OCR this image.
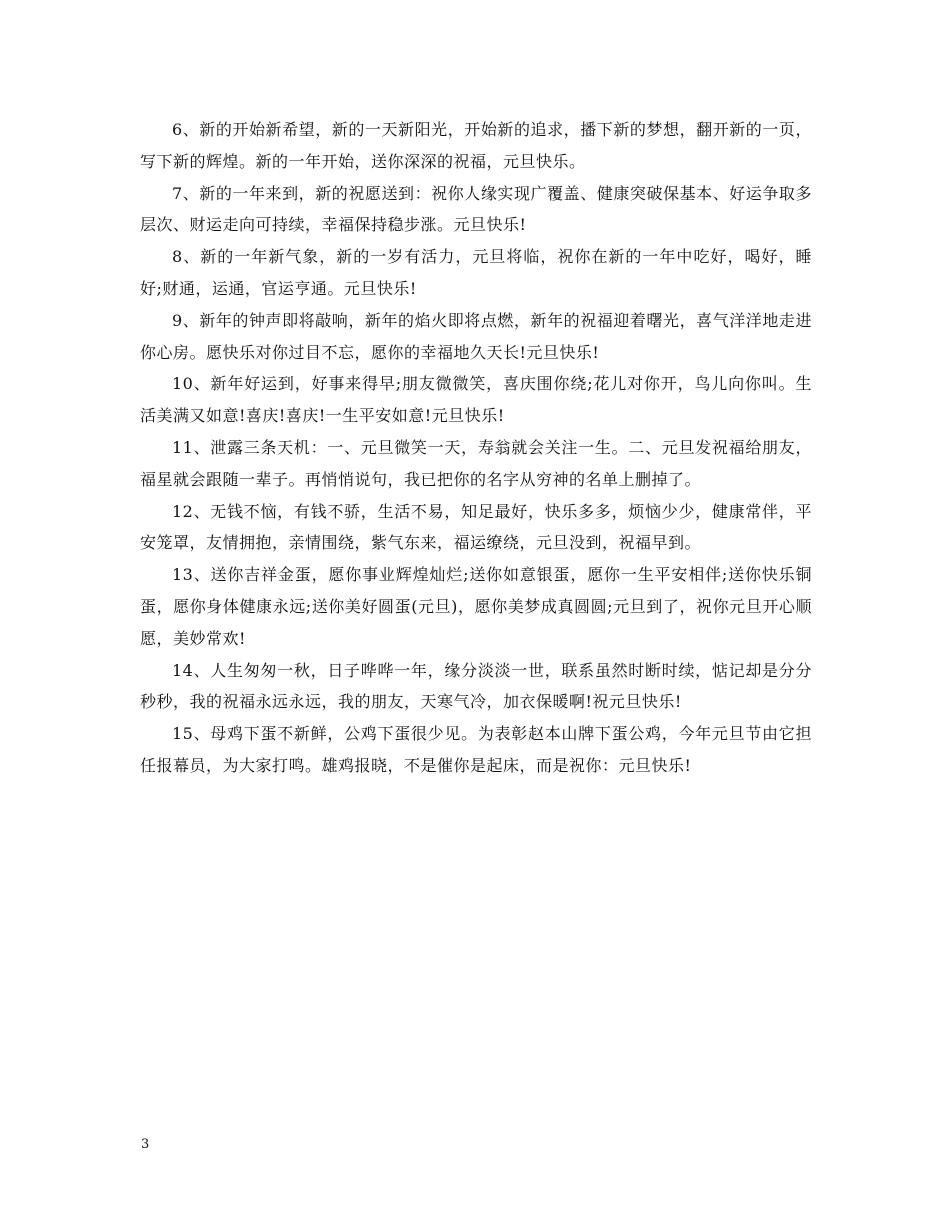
6、新的开始新希望，新的一天新阳光，开始新的追求，播下新的梦想，翻开新的一页，写下新的辉煌。新的一年开始，送你深深的祝福，元旦快乐。

7、新的一年来到，新的祝愿送到：祝你人缘实现广覆盖、健康突破保基本、好运争取多层次、财运走向可持续，幸福保持稳步涨。元旦快乐!

8、新的一年新气象，新的一岁有活力，元旦将临，祝你在新的一年中吃好，喝好，睡好;财通，运通，官运亨通。元旦快乐!

9、新年的钟声即将敲响，新年的焰火即将点燃，新年的祝福迎着曙光，喜气洋洋地走进你心房。愿快乐对你过目不忘，愿你的幸福地久天长!元旦快乐!

10、新年好运到，好事来得早;朋友微微笑，喜庆围你绕;花儿对你开，鸟儿向你叫。生活美满又如意!喜庆!喜庆!一生平安如意!元旦快乐!

11、泄露三条天机：一、元旦微笑一天，寿翁就会关注一生。二、元旦发祝福给朋友，福星就会跟随一辈子。再悄悄说句，我已把你的名字从穷神的名单上删掉了。

12、无钱不恼，有钱不骄，生活不易，知足最好，快乐多多，烦恼少少，健康常伴，平安笼罩，友情拥抱，亲情围绕，紫气东来，福运缭绕，元旦没到，祝福早到。

13、送你吉祥金蛋，愿你事业辉煌灿烂;送你如意银蛋，愿你一生平安相伴;送你快乐铜蛋，愿你身体健康永远;送你美好圆蛋(元旦)，愿你美梦成真圆圆;元旦到了，祝你元旦开心顺愿，美妙常欢!

14、人生匆匆一秋，日子哗哗一年，缘分淡淡一世，联系虽然时断时续，惦记却是分分秒秒，我的祝福永远永远，我的朋友，天寒气冷，加衣保暖啊!祝元旦快乐!

15、母鸡下蛋不新鲜，公鸡下蛋很少见。为表彰赵本山牌下蛋公鸡，今年元旦节由它担任报幕员，为大家打鸣。雄鸡报晓，不是催你是起床，而是祝你：元旦快乐!

3
